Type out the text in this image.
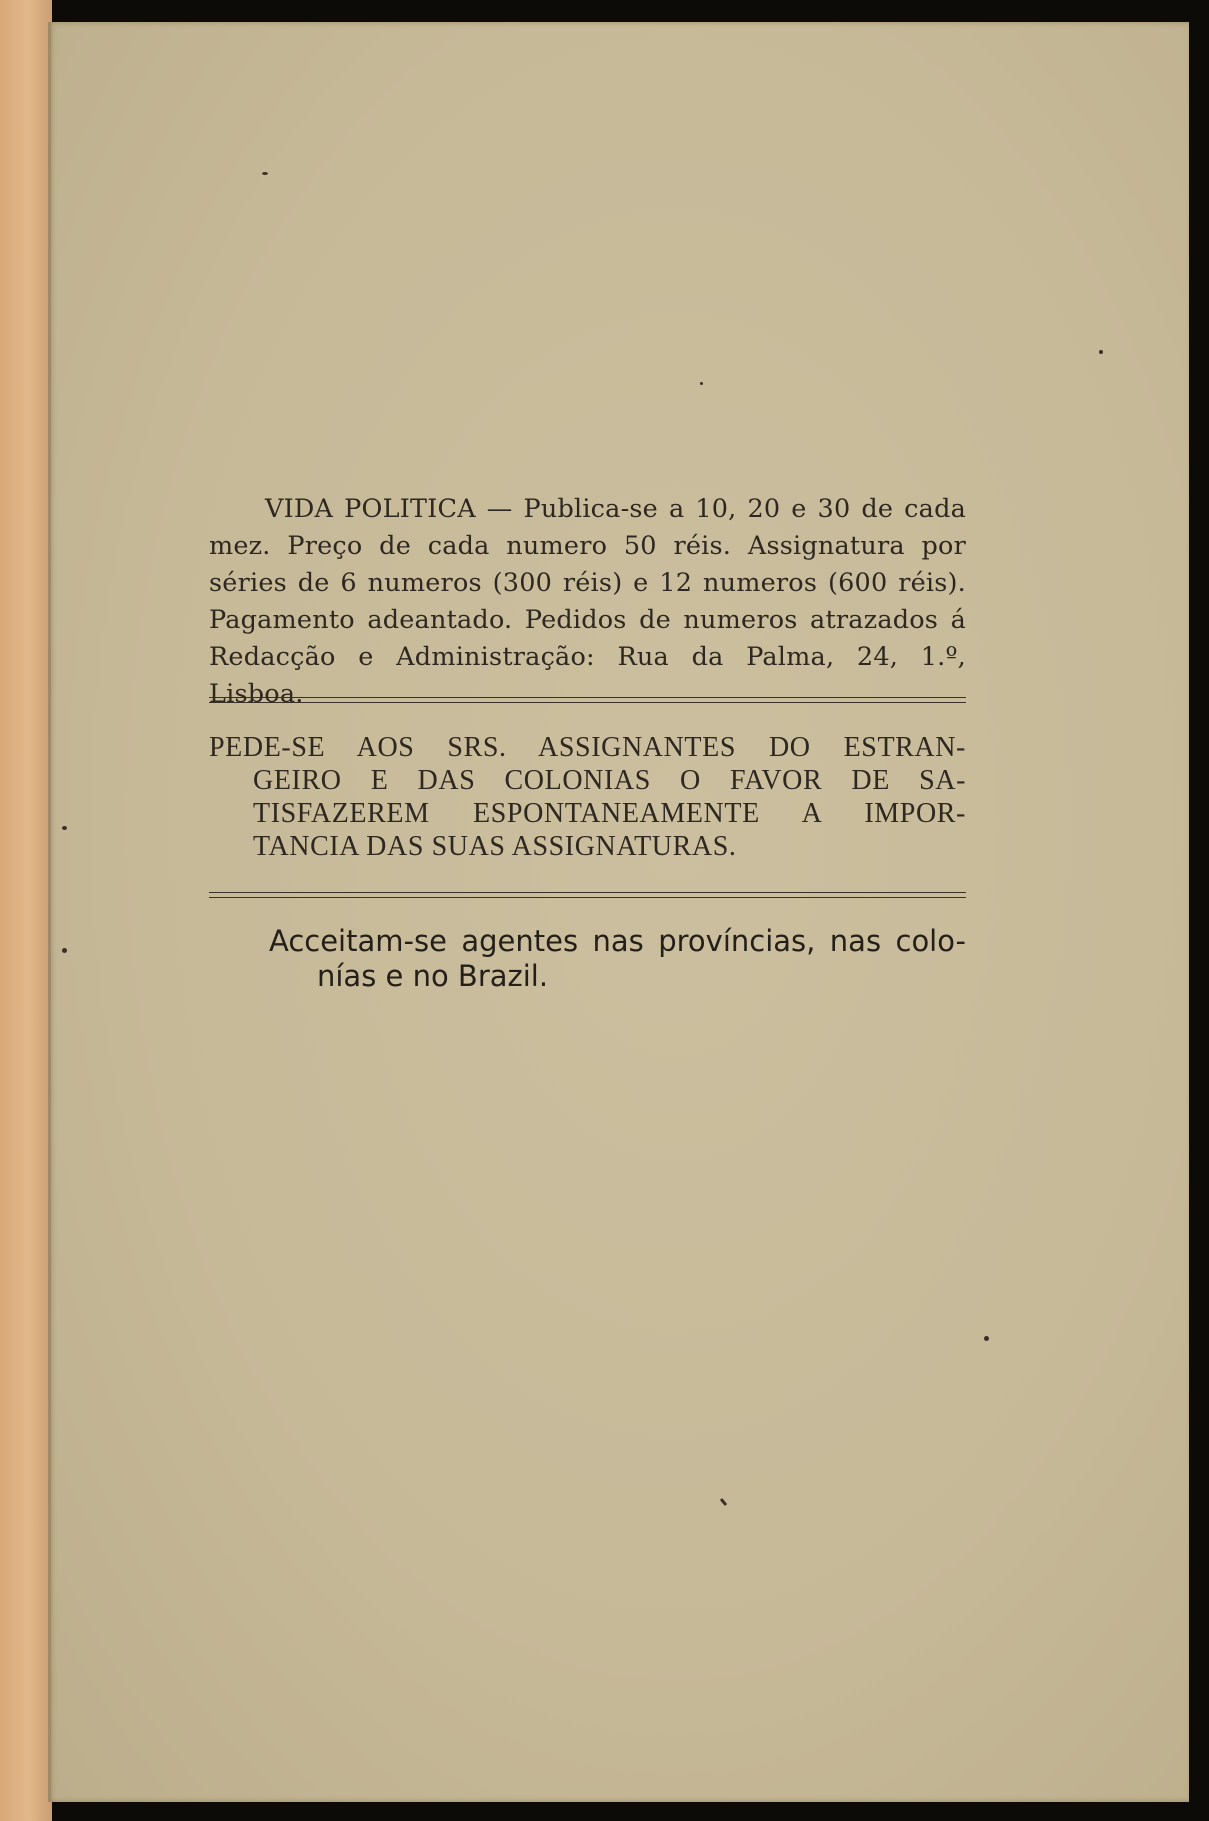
VIDA POLITICA — Publica-se a 10, 20 e 30 de cada mez. Preço de cada numero 50 réis. Assignatura por séries de 6 numeros (300 réis) e 12 numeros (600 réis). Pagamento adeantado. Pedidos de numeros atrazados á Redacção e Administração: Rua da Palma, 24, 1.º, Lisboa.
PEDE-SE AOS SRS. ASSIGNANTES DO ESTRAN-
GEIRO E DAS COLONIAS O FAVOR DE SA-
TISFAZEREM ESPONTANEAMENTE A IMPOR-
TANCIA DAS SUAS ASSIGNATURAS.
Acceitam-se agentes nas províncias, nas colo-
nías e no Brazil.
